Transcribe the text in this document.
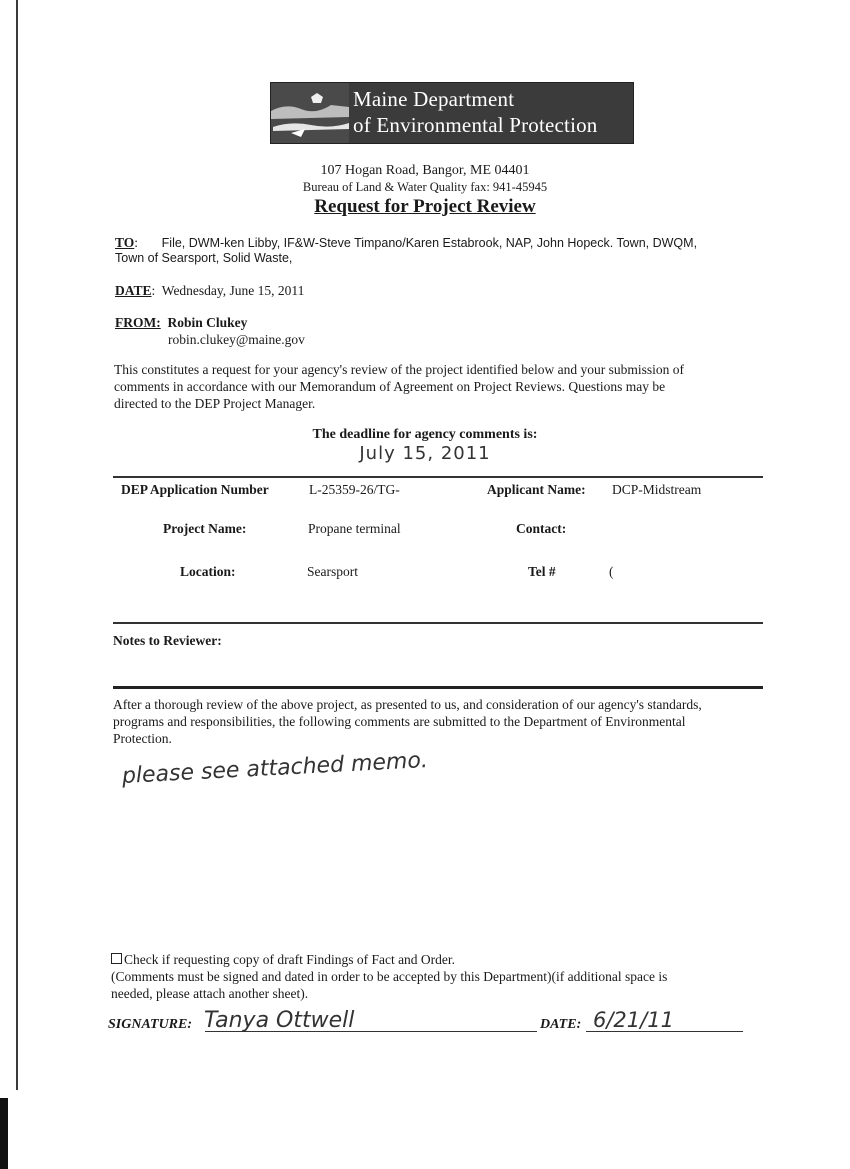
Maine Department
of Environmental Protection
107 Hogan Road, Bangor, ME 04401
Bureau of Land & Water Quality fax: 941-45945
Request for Project Review
TO:       File, DWM-ken Libby, IF&W-Steve Timpano/Karen Estabrook, NAP, John Hopeck. Town, DWQM,
Town of Searsport, Solid Waste,
DATE:  Wednesday, June 15, 2011
FROM: Robin Clukey
robin.clukey@maine.gov
This constitutes a request for your agency's review of the project identified below and your submission of
comments in accordance with our Memorandum of Agreement on Project Reviews. Questions may be
directed to the DEP Project Manager.
The deadline for agency comments is:
July 15, 2011
DEP Application Number	L-25359-26/TG-	Applicant Name: DCP-Midstream
Project Name:	Propane terminal	Contact:
Location:	Searsport	Tel #	(
Notes to Reviewer:
After a thorough review of the above project, as presented to us, and consideration of our agency's standards,
programs and responsibilities, the following comments are submitted to the Department of Environmental
Protection.
please see attached memo.
Check if requesting copy of draft Findings of Fact and Order.
(Comments must be signed and dated in order to be accepted by this Department)(if additional space is
needed, please attach another sheet).
SIGNATURE: Tanya Ottwell	DATE: 6/21/11
